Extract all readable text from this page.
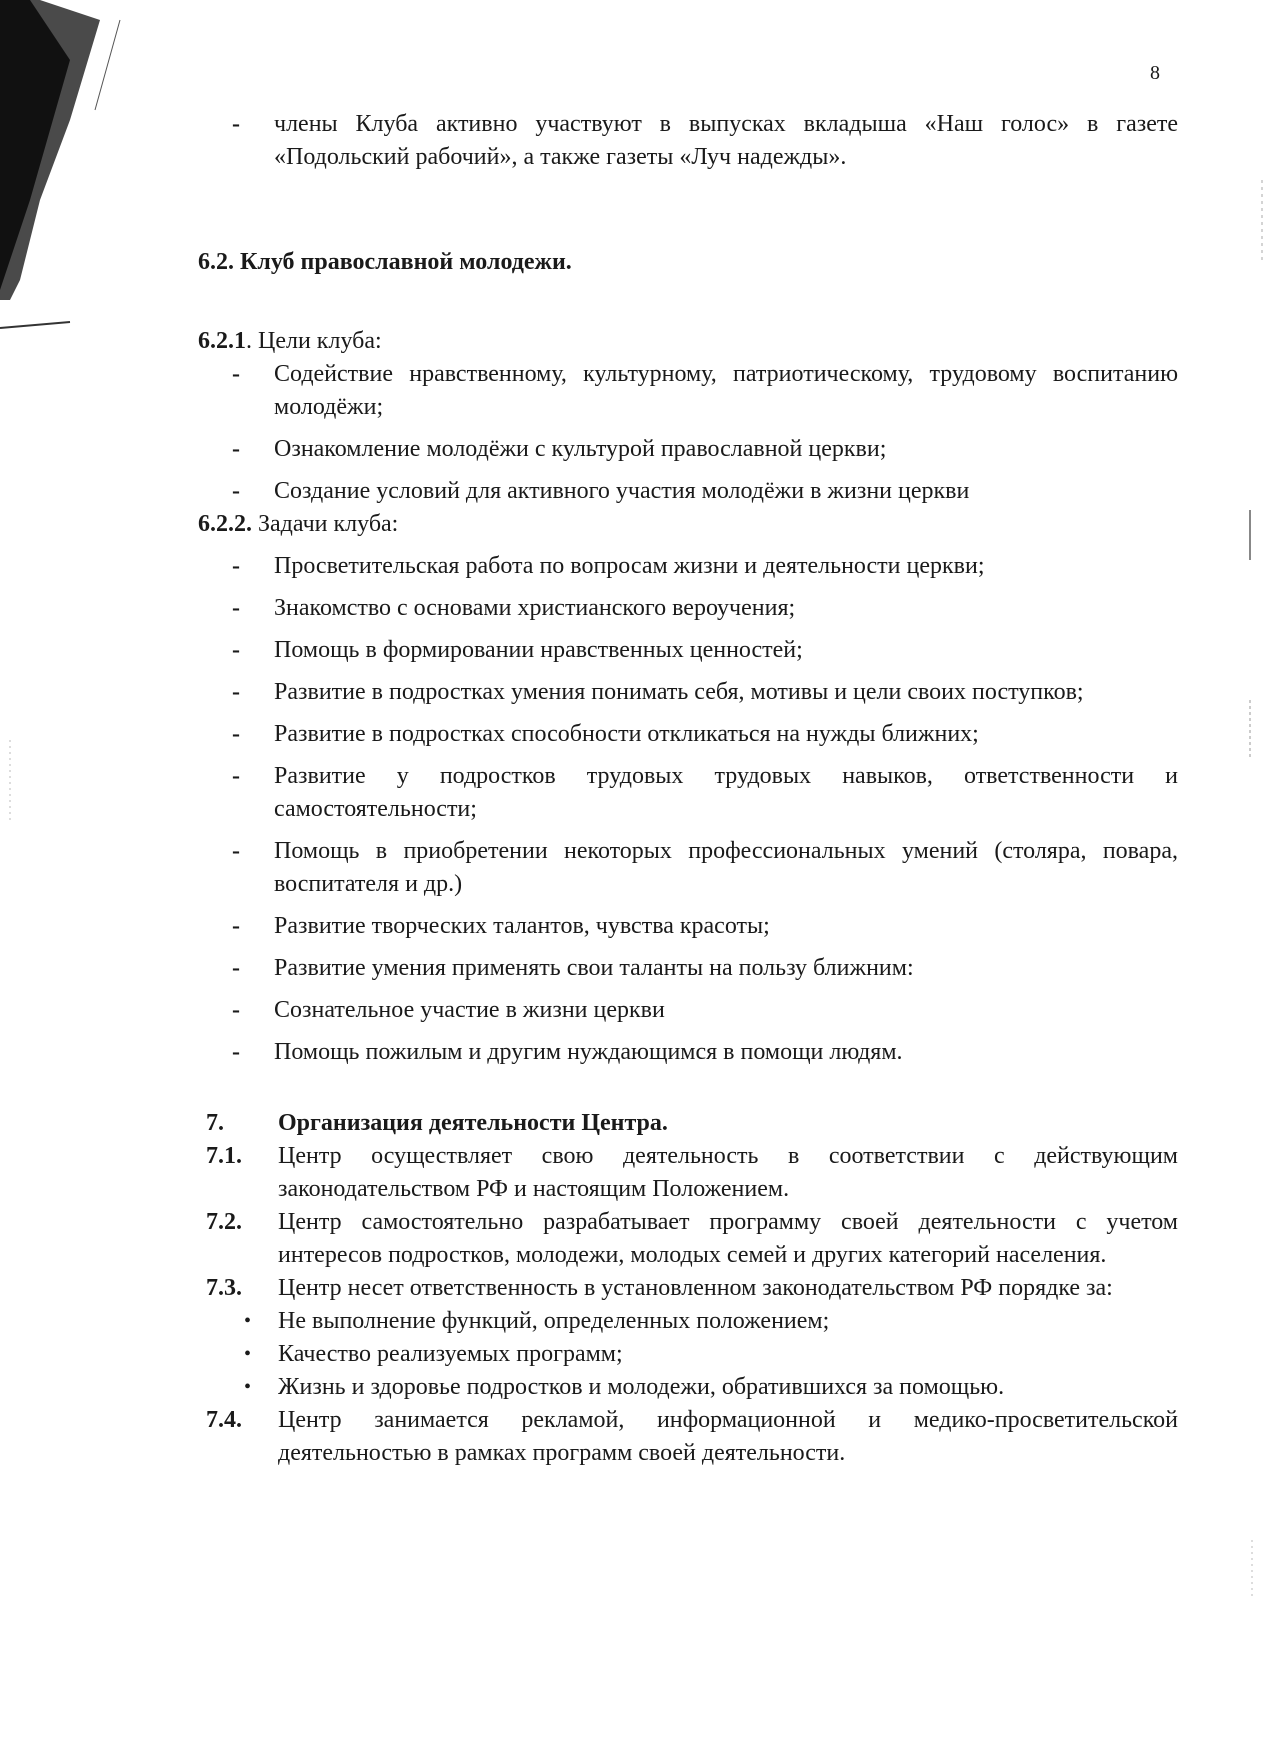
8
- члены Клуба активно участвуют в выпусках вкладыша «Наш голос» в газете «Подольский рабочий», а также газеты «Луч надежды».
6.2. Клуб православной молодежи.
6.2.1. Цели клуба:
- Содействие нравственному, культурному, патриотическому, трудовому воспитанию молодёжи;
- Ознакомление молодёжи с культурой православной церкви;
- Создание условий для активного участия молодёжи в жизни церкви
6.2.2. Задачи клуба:
- Просветительская работа по вопросам жизни и деятельности церкви;
- Знакомство с основами христианского вероучения;
- Помощь в формировании нравственных ценностей;
- Развитие в подростках умения понимать себя, мотивы и цели своих поступков;
- Развитие в подростках способности откликаться на нужды ближних;
- Развитие у подростков трудовых трудовых навыков, ответственности и самостоятельности;
- Помощь в приобретении некоторых профессиональных умений (столяра, повара, воспитателя и др.)
- Развитие творческих талантов, чувства красоты;
- Развитие умения применять свои таланты на пользу ближним:
- Сознательное участие в жизни церкви
- Помощь пожилым и другим нуждающимся в помощи людям.
7. Организация деятельности Центра.
7.1. Центр осуществляет свою деятельность в соответствии с действующим законодательством РФ и настоящим Положением.
7.2. Центр самостоятельно разрабатывает программу своей деятельности с учетом интересов подростков, молодежи, молодых семей и других категорий населения.
7.3. Центр несет ответственность в установленном законодательством РФ порядке за:
• Не выполнение функций, определенных положением;
• Качество реализуемых программ;
• Жизнь и здоровье подростков и молодежи, обратившихся за помощью.
7.4. Центр занимается рекламой, информационной и медико-просветительской деятельностью в рамках программ своей деятельности.
